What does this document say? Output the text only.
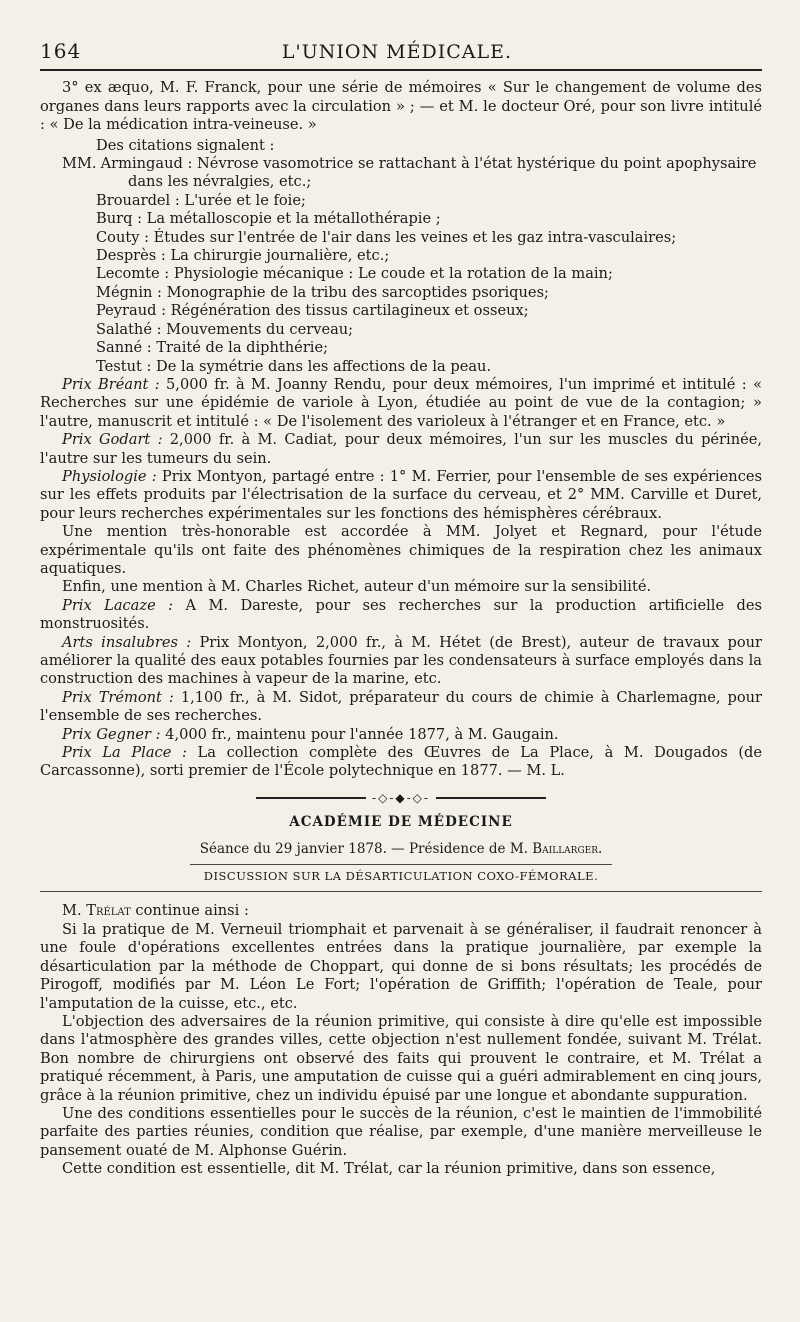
164	L'UNION MÉDICALE.

3° ex æquo, M. F. Franck, pour une série de mémoires « Sur le changement de volume des organes dans leurs rapports avec la circulation » ; — et M. le docteur Oré, pour son livre intitulé : « De la médication intra-veineuse. »

Des citations signalent :

MM. Armingaud : Névrose vasomotrice se rattachant à l'état hystérique du point apophysaire
dans les névralgies, etc.;
Brouardel : L'urée et le foie;
Burq : La métalloscopie et la métallothérapie ;
Couty : Études sur l'entrée de l'air dans les veines et les gaz intra-vasculaires;
Desprès : La chirurgie journalière, etc.;
Lecomte : Physiologie mécanique : Le coude et la rotation de la main;
Mégnin : Monographie de la tribu des sarcoptides psoriques;
Peyraud : Régénération des tissus cartilagineux et osseux;
Salathé : Mouvements du cerveau;
Sanné : Traité de la diphthérie;
Testut : De la symétrie dans les affections de la peau.

Prix Bréant : 5,000 fr. à M. Joanny Rendu, pour deux mémoires, l'un imprimé et intitulé : « Recherches sur une épidémie de variole à Lyon, étudiée au point de vue de la contagion; » l'autre, manuscrit et intitulé : « De l'isolement des varioleux à l'étranger et en France, etc. »

Prix Godart : 2,000 fr. à M. Cadiat, pour deux mémoires, l'un sur les muscles du périnée, l'autre sur les tumeurs du sein.

Physiologie : Prix Montyon, partagé entre : 1° M. Ferrier, pour l'ensemble de ses expériences sur les effets produits par l'électrisation de la surface du cerveau, et 2° MM. Carville et Duret, pour leurs recherches expérimentales sur les fonctions des hémisphères cérébraux.

Une mention très-honorable est accordée à MM. Jolyet et Regnard, pour l'étude expérimentale qu'ils ont faite des phénomènes chimiques de la respiration chez les animaux aquatiques.

Enfin, une mention à M. Charles Richet, auteur d'un mémoire sur la sensibilité.

Prix Lacaze : A M. Dareste, pour ses recherches sur la production artificielle des monstruosités.

Arts insalubres : Prix Montyon, 2,000 fr., à M. Hétet (de Brest), auteur de travaux pour améliorer la qualité des eaux potables fournies par les condensateurs à surface employés dans la construction des machines à vapeur de la marine, etc.

Prix Trémont : 1,100 fr., à M. Sidot, préparateur du cours de chimie à Charlemagne, pour l'ensemble de ses recherches.

Prix Gegner : 4,000 fr., maintenu pour l'année 1877, à M. Gaugain.

Prix La Place : La collection complète des Œuvres de La Place, à M. Dougados (de Carcassonne), sorti premier de l'École polytechnique en 1877. — M. L.

-◇-◆-◇-
ACADÉMIE DE MÉDECINE
Séance du 29 janvier 1878. — Présidence de M. Baillarger.
DISCUSSION SUR LA DÉSARTICULATION COXO-FÉMORALE.

M. Trélat continue ainsi :

Si la pratique de M. Verneuil triomphait et parvenait à se généraliser, il faudrait renoncer à une foule d'opérations excellentes entrées dans la pratique journalière, par exemple la désarticulation par la méthode de Choppart, qui donne de si bons résultats; les procédés de Pirogoff, modifiés par M. Léon Le Fort; l'opération de Griffith; l'opération de Teale, pour l'amputation de la cuisse, etc., etc.

L'objection des adversaires de la réunion primitive, qui consiste à dire qu'elle est impossible dans l'atmosphère des grandes villes, cette objection n'est nullement fondée, suivant M. Trélat. Bon nombre de chirurgiens ont observé des faits qui prouvent le contraire, et M. Trélat a pratiqué récemment, à Paris, une amputation de cuisse qui a guéri admirablement en cinq jours, grâce à la réunion primitive, chez un individu épuisé par une longue et abondante suppuration.

Une des conditions essentielles pour le succès de la réunion, c'est le maintien de l'immobilité parfaite des parties réunies, condition que réalise, par exemple, d'une manière merveilleuse le pansement ouaté de M. Alphonse Guérin.

Cette condition est essentielle, dit M. Trélat, car la réunion primitive, dans son essence,
